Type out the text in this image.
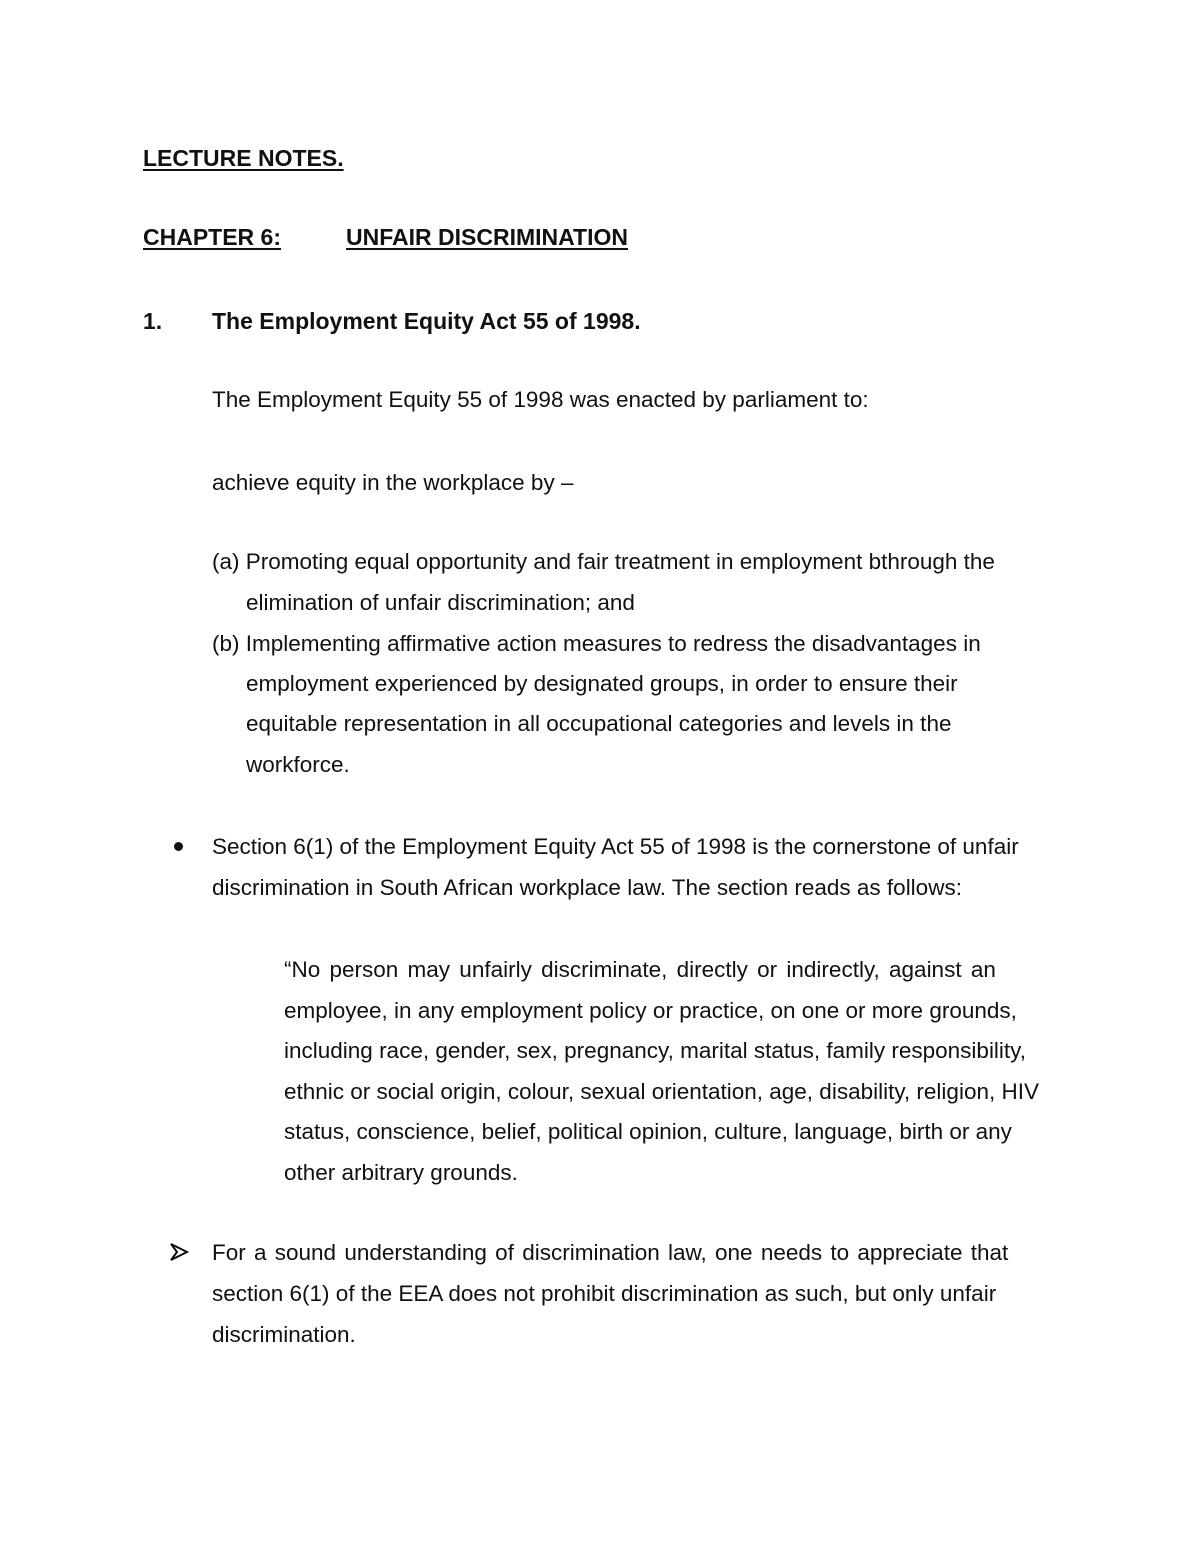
LECTURE NOTES.
CHAPTER 6:	UNFAIR DISCRIMINATION
1. The Employment Equity Act 55 of 1998.
The Employment Equity 55 of 1998 was enacted by parliament to:
achieve equity in the workplace by –
(a) Promoting equal opportunity and fair treatment in employment bthrough the
elimination of unfair discrimination; and
(b) Implementing affirmative action measures to redress the disadvantages in
employment experienced by designated groups, in order to ensure their
equitable representation in all occupational categories and levels in the
workforce.
Section 6(1) of the Employment Equity Act 55 of 1998 is the cornerstone of unfair
discrimination in South African workplace law. The section reads as follows:
“No person may unfairly discriminate, directly or indirectly, against an
employee, in any employment policy or practice, on one or more grounds,
including race, gender, sex, pregnancy, marital status, family responsibility,
ethnic or social origin, colour, sexual orientation, age, disability, religion, HIV
status, conscience, belief, political opinion, culture, language, birth or any
other arbitrary grounds.
For a sound understanding of discrimination law, one needs to appreciate that
section 6(1) of the EEA does not prohibit discrimination as such, but only unfair
discrimination.
